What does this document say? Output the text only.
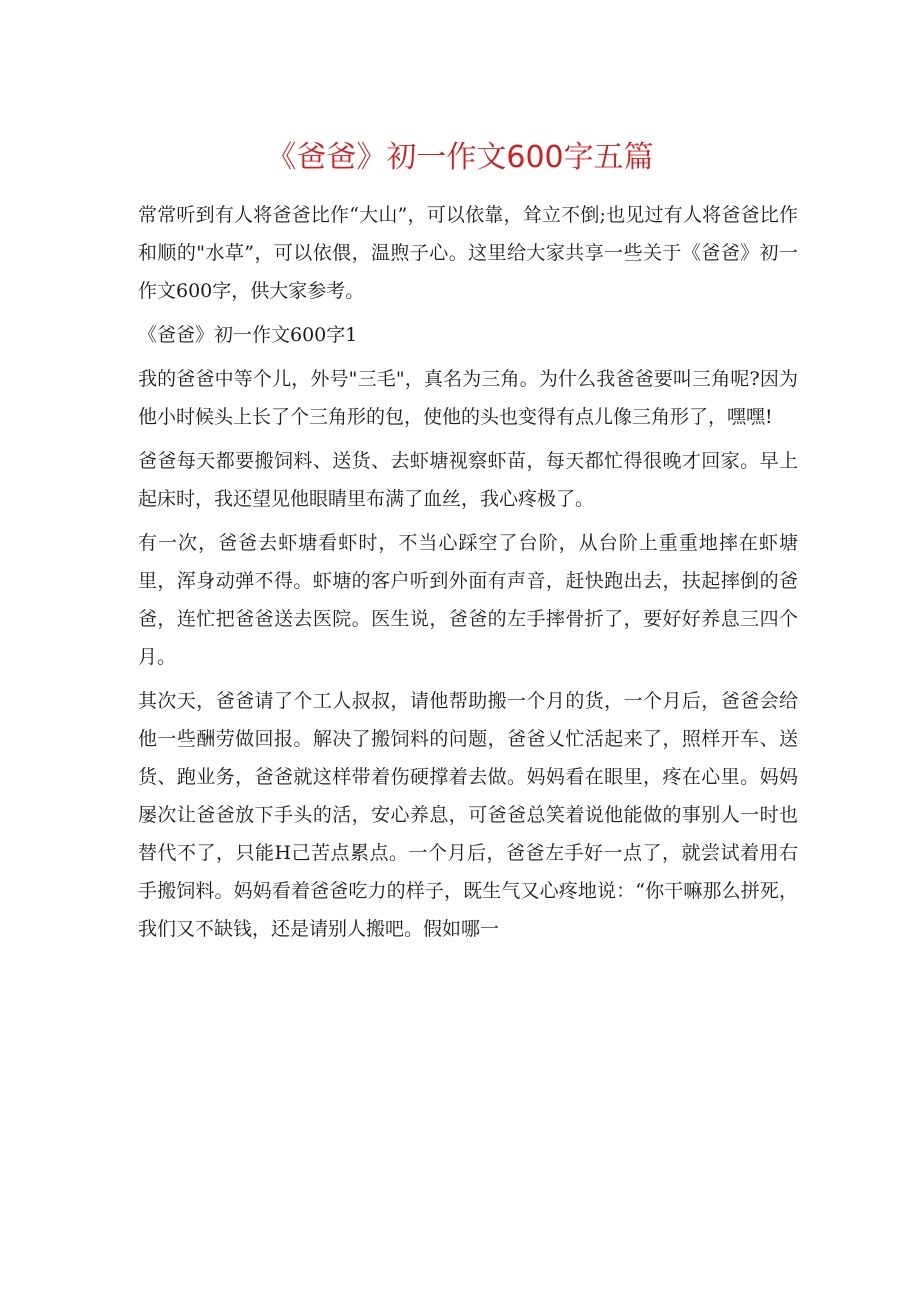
《爸爸》初一作文600字五篇

常常听到有人将爸爸比作“大山”，可以依靠，耸立不倒;也见过有人将爸爸比作和顺的"水草”，可以依偎，温煦子心。这里给大家共享一些关于《爸爸》初一作文600字，供大家参考。

《爸爸》初一作文600字1

我的爸爸中等个儿，外号"三毛"，真名为三角。为什么我爸爸要叫三角呢?因为他小时候头上长了个三角形的包，使他的头也变得有点儿像三角形了，嘿嘿!

爸爸每天都要搬饲料、送货、去虾塘视察虾苗，每天都忙得很晚才回家。早上起床时，我还望见他眼睛里布满了血丝，我心疼极了。

有一次，爸爸去虾塘看虾时，不当心踩空了台阶，从台阶上重重地摔在虾塘里，浑身动弹不得。虾塘的客户听到外面有声音，赶快跑出去，扶起摔倒的爸爸，连忙把爸爸送去医院。医生说，爸爸的左手摔骨折了，要好好养息三四个月。

其次天，爸爸请了个工人叔叔，请他帮助搬一个月的货，一个月后，爸爸会给他一些酬劳做回报。解决了搬饲料的问题，爸爸乂忙活起来了，照样开车、送货、跑业务，爸爸就这样带着伤硬撑着去做。妈妈看在眼里，疼在心里。妈妈屡次让爸爸放下手头的活，安心养息，可爸爸总笑着说他能做的事别人一时也替代不了，只能H己苦点累点。一个月后，爸爸左手好一点了，就尝试着用右手搬饲料。妈妈看着爸爸吃力的样子，既生气又心疼地说：“你干嘛那么拼死，我们又不缺钱，还是请别人搬吧。假如哪一
